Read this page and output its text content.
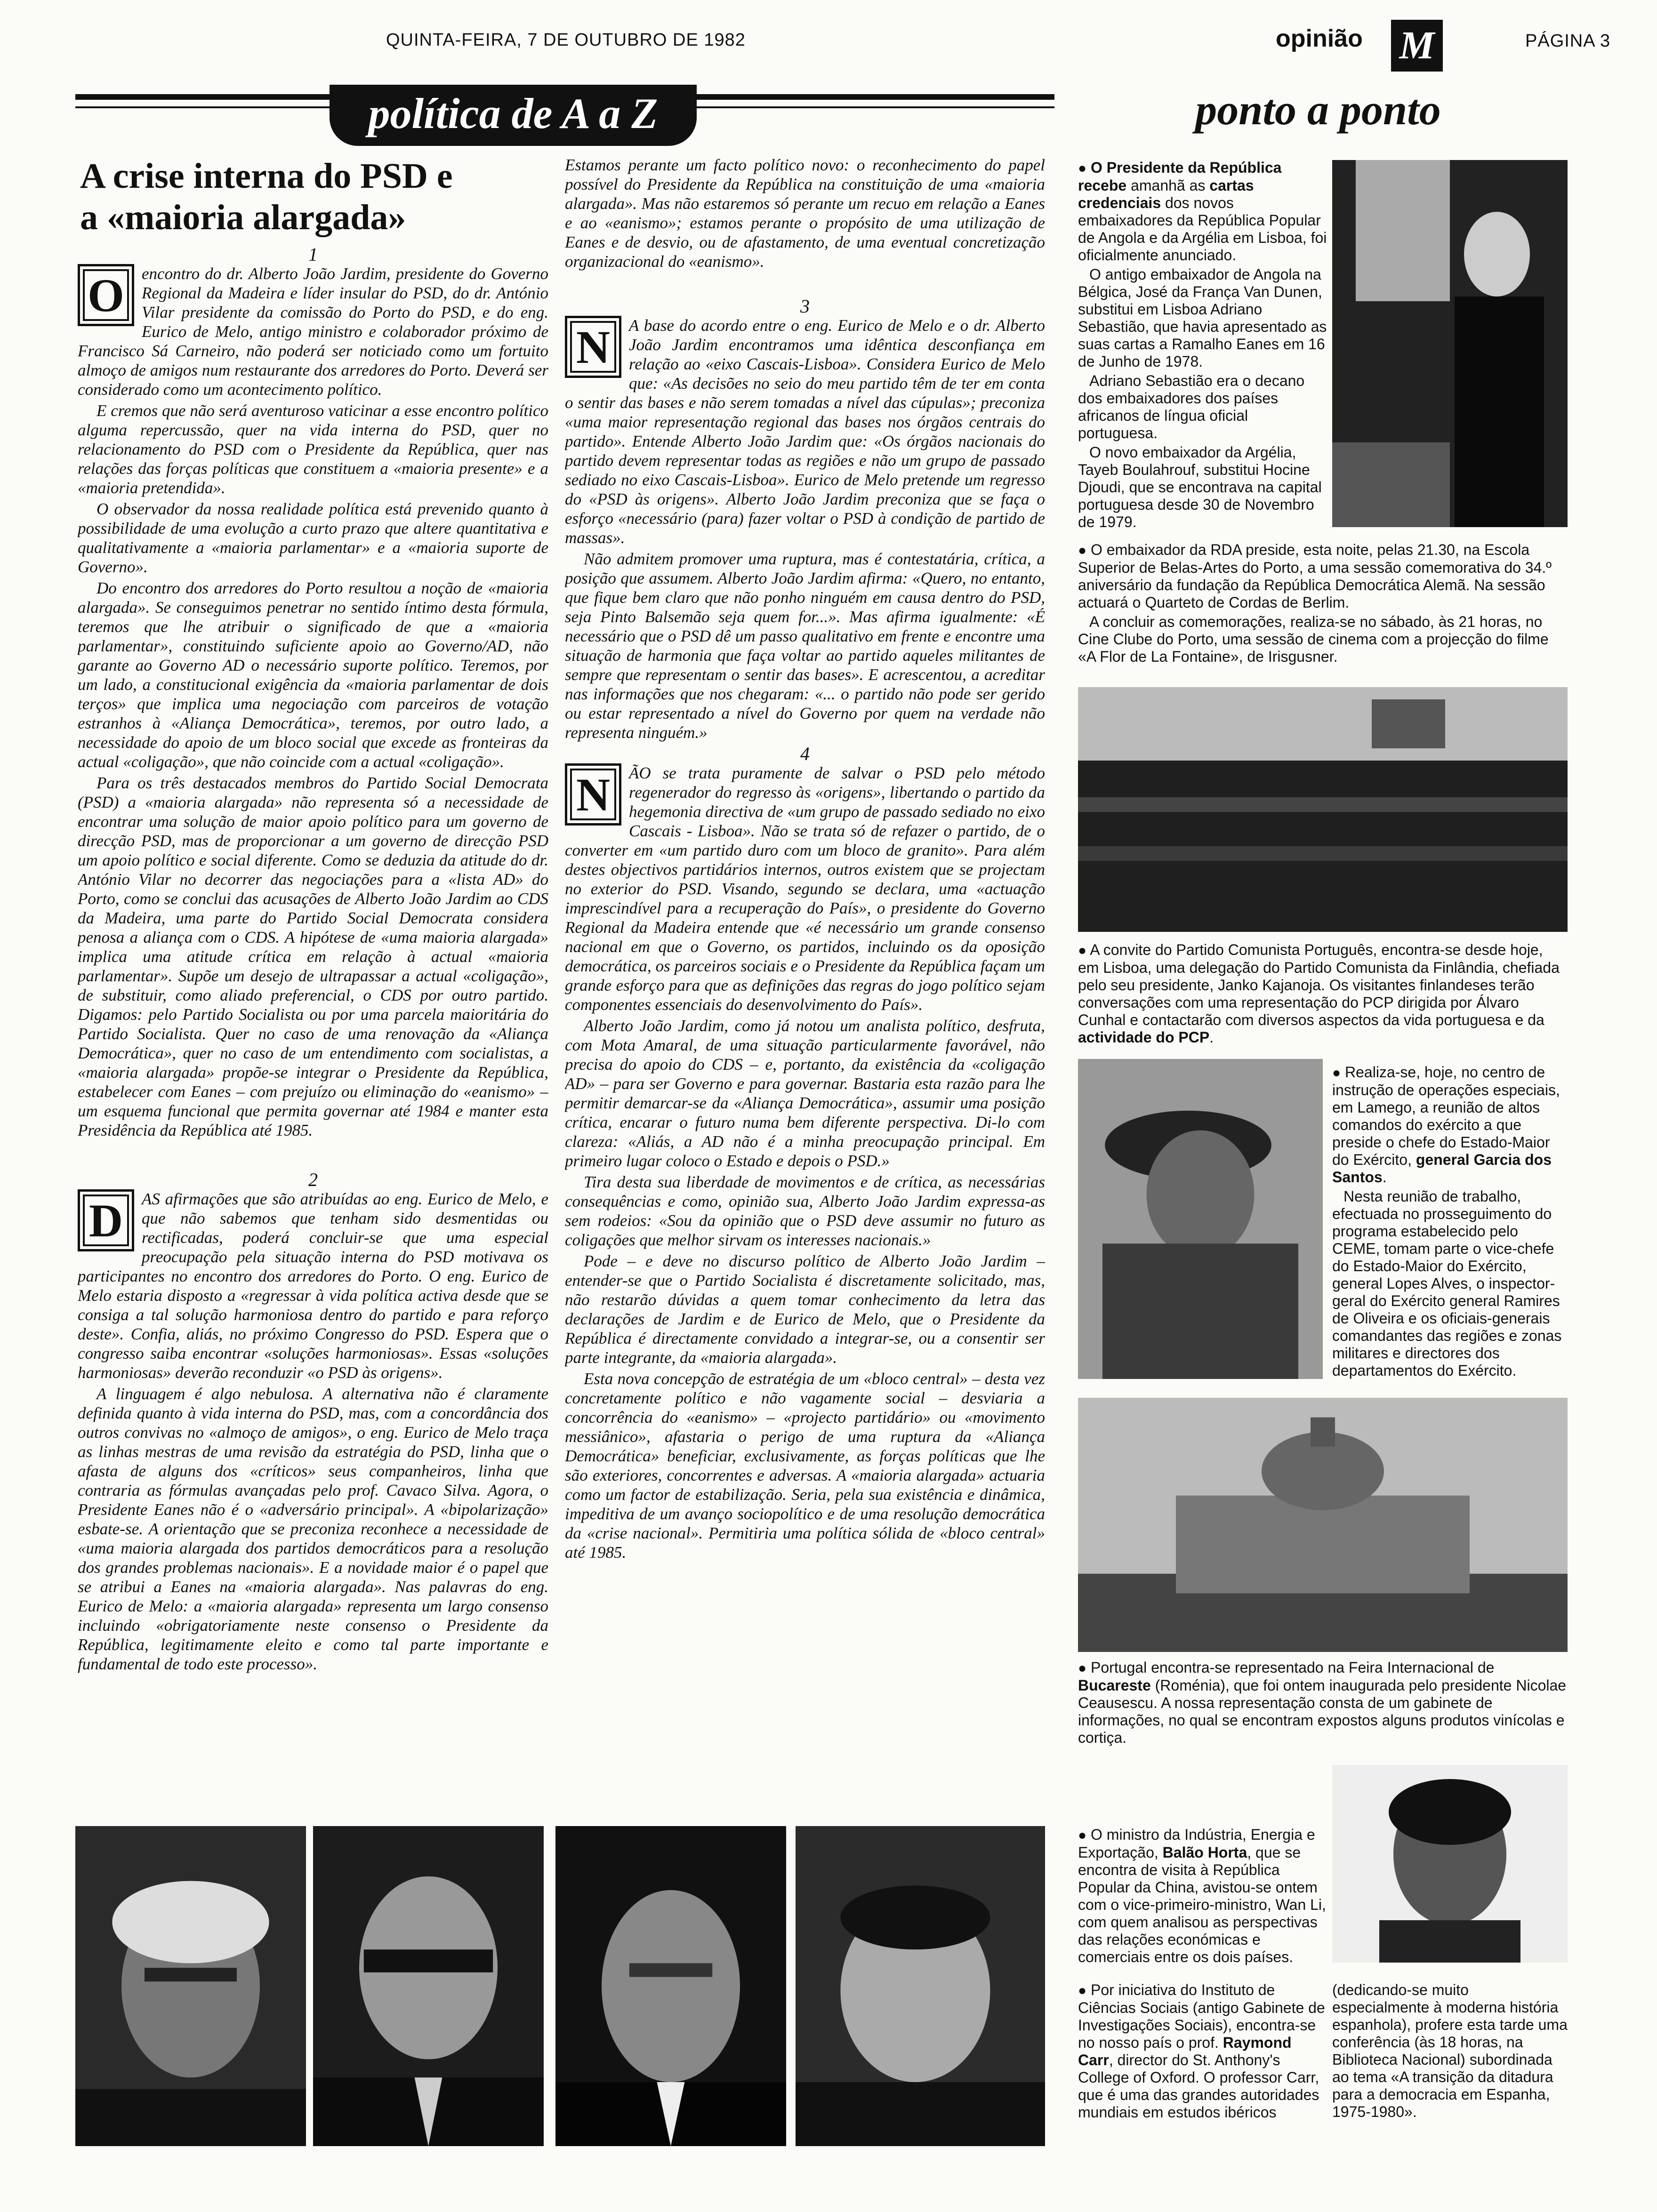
QUINTA-FEIRA, 7 DE OUTUBRO DE 1982	opinião M	PÁGINA 3
política de A a Z	ponto a ponto
A crise interna do PSD e a «maioria alargada»
1
O	encontro do dr. Alberto João Jardim, presidente do Governo Regional da Madeira e líder insular do PSD, do dr. António Vilar presidente da comissão do Porto do PSD, e do eng. Eurico de Melo, antigo ministro e colaborador próximo de Francisco Sá Carneiro, não poderá ser noticiado como um fortuito almoço de amigos num restaurante dos arredores do Porto. Deverá ser considerado como um acontecimento político.

E cremos que não será aventuroso vaticinar a esse encontro político alguma repercussão, quer na vida interna do PSD, quer no relacionamento do PSD com o Presidente da República, quer nas relações das forças políticas que constituem a «maioria presente» e a «maioria pretendida».

O observador da nossa realidade política está prevenido quanto à possibilidade de uma evolução a curto prazo que altere quantitativa e qualitativamente a «maioria parlamentar» e a «maioria suporte de Governo».

Do encontro dos arredores do Porto resultou a noção de «maioria alargada». Se conseguimos penetrar no sentido íntimo desta fórmula, teremos que lhe atribuir o significado de que a «maioria parlamentar», constituindo suficiente apoio ao Governo/AD, não garante ao Governo AD o necessário suporte político. Teremos, por um lado, a constitucional exigência da «maioria parlamentar de dois terços» que implica uma negociação com parceiros de votação estranhos à «Aliança Democrática», teremos, por outro lado, a necessidade do apoio de um bloco social que excede as fronteiras da actual «coligação», que não coincide com a actual «coligação».

Para os três destacados membros do Partido Social Democrata (PSD) a «maioria alargada» não representa só a necessidade de encontrar uma solução de maior apoio político para um governo de direcção PSD, mas de proporcionar a um governo de direcção PSD um apoio político e social diferente. Como se deduzia da atitude do dr. António Vilar no decorrer das negociações para a «lista AD» do Porto, como se conclui das acusações de Alberto João Jardim ao CDS da Madeira, uma parte do Partido Social Democrata considera penosa a aliança com o CDS. A hipótese de «uma maioria alargada» implica uma atitude crítica em relação à actual «maioria parlamentar». Supõe um desejo de ultrapassar a actual «coligação», de substituir, como aliado preferencial, o CDS por outro partido. Digamos: pelo Partido Socialista ou por uma parcela maioritária do Partido Socialista. Quer no caso de uma renovação da «Aliança Democrática», quer no caso de um entendimento com socialistas, a «maioria alargada» propõe-se integrar o Presidente da República, estabelecer com Eanes – com prejuízo ou eliminação do «eanismo» – um esquema funcional que permita governar até 1984 e manter esta Presidência da República até 1985.

2
D	AS afirmações que são atribuídas ao eng. Eurico de Melo, e que não sabemos que tenham sido desmentidas ou rectificadas, poderá concluir-se que uma especial preocupação pela situação interna do PSD motivava os participantes no encontro dos arredores do Porto. O eng. Eurico de Melo estaria disposto a «regressar à vida política activa desde que se consiga a tal solução harmoniosa dentro do partido e para reforço deste». Confia, aliás, no próximo Congresso do PSD. Espera que o congresso saiba encontrar «soluções harmoniosas». Essas «soluções harmoniosas» deverão reconduzir «o PSD às origens».

A linguagem é algo nebulosa. A alternativa não é claramente definida quanto à vida interna do PSD, mas, com a concordância dos outros convivas no «almoço de amigos», o eng. Eurico de Melo traça as linhas mestras de uma revisão da estratégia do PSD, linha que o afasta de alguns dos «críticos» seus companheiros, linha que contraria as fórmulas avançadas pelo prof. Cavaco Silva. Agora, o Presidente Eanes não é o «adversário principal». A «bipolarização» esbate-se. A orientação que se preconiza reconhece a necessidade de «uma maioria alargada dos partidos democráticos para a resolução dos grandes problemas nacionais». E a novidade maior é o papel que se atribui a Eanes na «maioria alargada». Nas palavras do eng. Eurico de Melo: a «maioria alargada» representa um largo consenso incluindo «obrigatoriamente neste consenso o Presidente da República, legitimamente eleito e como tal parte importante e fundamental de todo este processo».

Estamos perante um facto político novo: o reconhecimento do papel possível do Presidente da República na constituição de uma «maioria alargada». Mas não estaremos só perante um recuo em relação a Eanes e ao «eanismo»; estamos perante o propósito de uma utilização de Eanes e de desvio, ou de afastamento, de uma eventual concretização organizacional do «eanismo».

3
N	A base do acordo entre o eng. Eurico de Melo e o dr. Alberto João Jardim encontramos uma idêntica desconfiança em relação ao «eixo Cascais-Lisboa». Considera Eurico de Melo que: «As decisões no seio do meu partido têm de ter em conta o sentir das bases e não serem tomadas a nível das cúpulas»; preconiza «uma maior representação regional das bases nos órgãos centrais do partido». Entende Alberto João Jardim que: «Os órgãos nacionais do partido devem representar todas as regiões e não um grupo de passado sediado no eixo Cascais-Lisboa». Eurico de Melo pretende um regresso do «PSD às origens». Alberto João Jardim preconiza que se faça o esforço «necessário (para) fazer voltar o PSD à condição de partido de massas».

Não admitem promover uma ruptura, mas é contestatária, crítica, a posição que assumem. Alberto João Jardim afirma: «Quero, no entanto, que fique bem claro que não ponho ninguém em causa dentro do PSD, seja Pinto Balsemão seja quem for...». Mas afirma igualmente: «É necessário que o PSD dê um passo qualitativo em frente e encontre uma situação de harmonia que faça voltar ao partido aqueles militantes de sempre que representam o sentir das bases». E acrescentou, a acreditar nas informações que nos chegaram: «... o partido não pode ser gerido ou estar representado a nível do Governo por quem na verdade não representa ninguém.»

4
N	ÃO se trata puramente de salvar o PSD pelo método regenerador do regresso às «origens», libertando o partido da hegemonia directiva de «um grupo de passado sediado no eixo Cascais - Lisboa». Não se trata só de refazer o partido, de o converter em «um partido duro com um bloco de granito». Para além destes objectivos partidários internos, outros existem que se projectam no exterior do PSD. Visando, segundo se declara, uma «actuação imprescindível para a recuperação do País», o presidente do Governo Regional da Madeira entende que «é necessário um grande consenso nacional em que o Governo, os partidos, incluindo os da oposição democrática, os parceiros sociais e o Presidente da República façam um grande esforço para que as definições das regras do jogo político sejam componentes essenciais do desenvolvimento do País».

Alberto João Jardim, como já notou um analista político, desfruta, com Mota Amaral, de uma situação particularmente favorável, não precisa do apoio do CDS – e, portanto, da existência da «coligação AD» – para ser Governo e para governar. Bastaria esta razão para lhe permitir demarcar-se da «Aliança Democrática», assumir uma posição crítica, encarar o futuro numa bem diferente perspectiva. Di-lo com clareza: «Aliás, a AD não é a minha preocupação principal. Em primeiro lugar coloco o Estado e depois o PSD.»

Tira desta sua liberdade de movimentos e de crítica, as necessárias consequências e como, opinião sua, Alberto João Jardim expressa-as sem rodeios: «Sou da opinião que o PSD deve assumir no futuro as coligações que melhor sirvam os interesses nacionais.»

Pode – e deve no discurso político de Alberto João Jardim – entender-se que o Partido Socialista é discretamente solicitado, mas, não restarão dúvidas a quem tomar conhecimento da letra das declarações de Jardim e de Eurico de Melo, que o Presidente da República é directamente convidado a integrar-se, ou a consentir ser parte integrante, da «maioria alargada».

Esta nova concepção de estratégia de um «bloco central» – desta vez concretamente político e não vagamente social – desviaria a concorrência do «eanismo» – «projecto partidário» ou «movimento messiânico», afastaria o perigo de uma ruptura da «Aliança Democrática» beneficiar, exclusivamente, as forças políticas que lhe são exteriores, concorrentes e adversas. A «maioria alargada» actuaria como um factor de estabilização. Seria, pela sua existência e dinâmica, impeditiva de um avanço sociopolítico e de uma resolução democrática da «crise nacional». Permitiria uma política sólida de «bloco central» até 1985.

● O Presidente da República recebe amanhã as cartas credenciais dos novos embaixadores da República Popular de Angola e da Argélia em Lisboa, foi oficialmente anunciado.

O antigo embaixador de Angola na Bélgica, José da França Van Dunen, substitui em Lisboa Adriano Sebastião, que havia apresentado as suas cartas a Ramalho Eanes em 16 de Junho de 1978.

Adriano Sebastião era o decano dos embaixadores dos países africanos de língua oficial portuguesa.

O novo embaixador da Argélia, Tayeb Boulahrouf, substitui Hocine Djoudi, que se encontrava na capital portuguesa desde 30 de Novembro de 1979.

● O embaixador da RDA preside, esta noite, pelas 21.30, na Escola Superior de Belas-Artes do Porto, a uma sessão comemorativa do 34.º aniversário da fundação da República Democrática Alemã. Na sessão actuará o Quarteto de Cordas de Berlim.

A concluir as comemorações, realiza-se no sábado, às 21 horas, no Cine Clube do Porto, uma sessão de cinema com a projecção do filme «A Flor de La Fontaine», de Irisgusner.

● A convite do Partido Comunista Português, encontra-se desde hoje, em Lisboa, uma delegação do Partido Comunista da Finlândia, chefiada pelo seu presidente, Janko Kajanoja. Os visitantes finlandeses terão conversações com uma representação do PCP dirigida por Álvaro Cunhal e contactarão com diversos aspectos da vida portuguesa e da actividade do PCP.

● Realiza-se, hoje, no centro de instrução de operações especiais, em Lamego, a reunião de altos comandos do exército a que preside o chefe do Estado-Maior do Exército, general Garcia dos Santos.

Nesta reunião de trabalho, efectuada no prosseguimento do programa estabelecido pelo CEME, tomam parte o vice-chefe do Estado-Maior do Exército, general Lopes Alves, o inspector-geral do Exército general Ramires de Oliveira e os oficiais-generais comandantes das regiões e zonas militares e directores dos departamentos do Exército.

● Portugal encontra-se representado na Feira Internacional de Bucareste (Roménia), que foi ontem inaugurada pelo presidente Nicolae Ceausescu. A nossa representação consta de um gabinete de informações, no qual se encontram expostos alguns produtos vinícolas e cortiça.

● O ministro da Indústria, Energia e Exportação, Balão Horta, que se encontra de visita à República Popular da China, avistou-se ontem com o vice-primeiro-ministro, Wan Li, com quem analisou as perspectivas das relações económicas e comerciais entre os dois países.

● Por iniciativa do Instituto de Ciências Sociais (antigo Gabinete de Investigações Sociais), encontra-se no nosso país o prof. Raymond Carr, director do St. Anthony's College of Oxford. O professor Carr, que é uma das grandes autoridades mundiais em estudos ibéricos

(dedicando-se muito especialmente à moderna história espanhola), profere esta tarde uma conferência (às 18 horas, na Biblioteca Nacional) subordinada ao tema «A transição da ditadura para a democracia em Espanha, 1975-1980».
